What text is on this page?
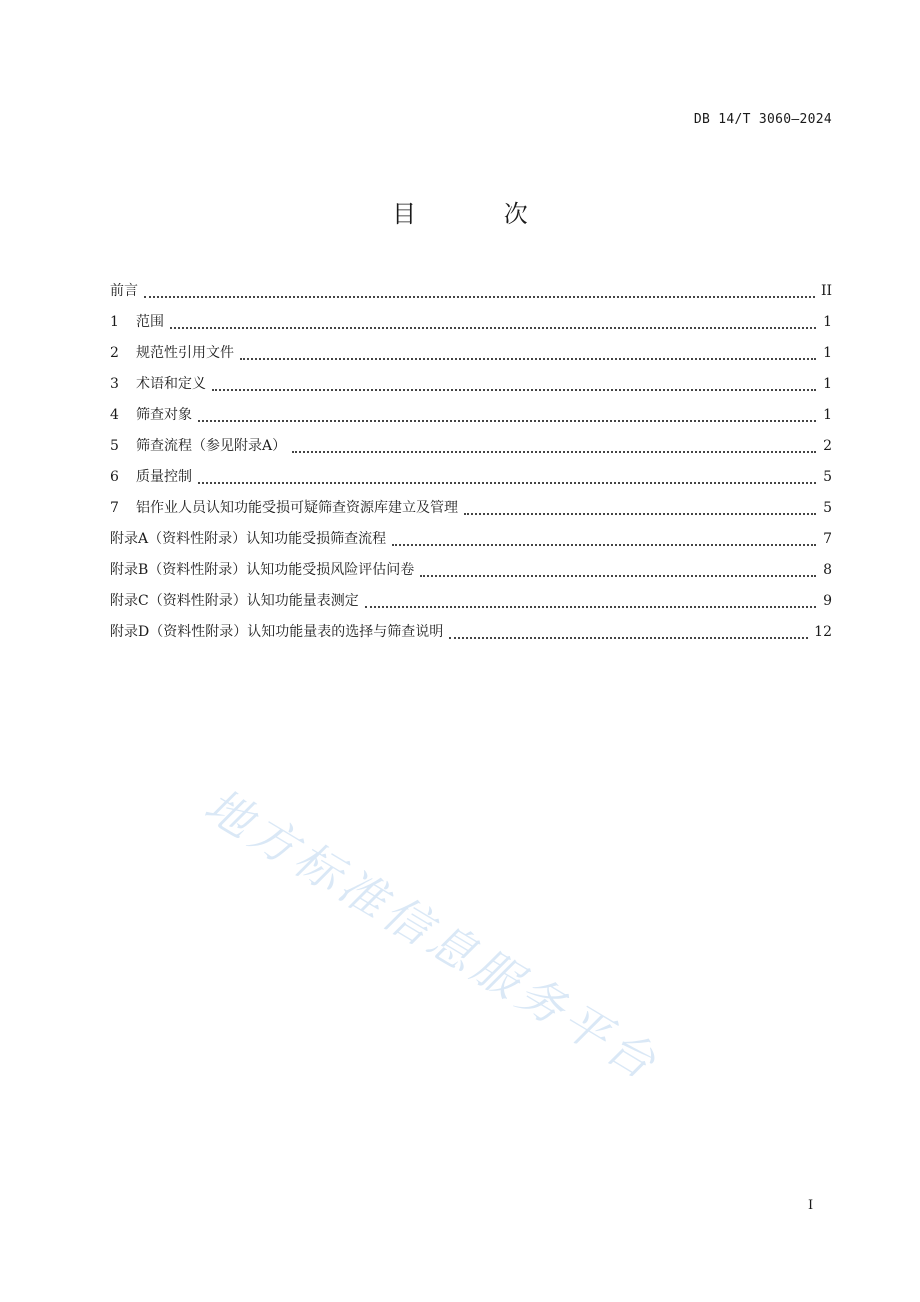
DB 14/T 3060—2024
目 次
前言	II
1	范围	1
2	规范性引用文件	1
3	术语和定义	1
4	筛查对象	1
5	筛查流程（参见附录A）	2
6	质量控制	5
7	铝作业人员认知功能受损可疑筛查资源库建立及管理	5
附录A（资料性附录）认知功能受损筛查流程	7
附录B（资料性附录）认知功能受损风险评估问卷	8
附录C（资料性附录）认知功能量表测定	9
附录D（资料性附录）认知功能量表的选择与筛查说明	12
地方标准信息服务平台
I
